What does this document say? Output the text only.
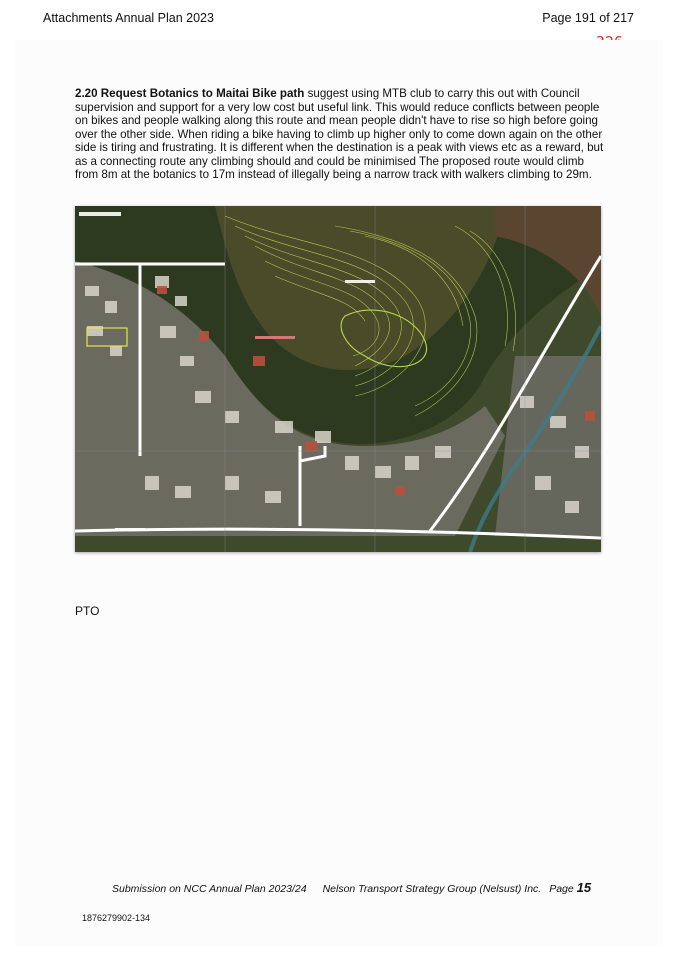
Attachments Annual Plan 2023	Page 191 of 217

2.20 Request Botanics to Maitai Bike path suggest using MTB club to carry this out with Council supervision and support for a very low cost but useful link. This would reduce conflicts between people on bikes and people walking along this route and mean people didn't have to rise so high before going over the other side. When riding a bike having to climb up higher only to come down again on the other side is tiring and frustrating. It is different when the destination is a peak with views etc as a reward, but as a connecting route any climbing should and could be minimised The proposed route would climb from 8m at the botanics to 17m instead of illegally being a narrow track with walkers climbing to 29m.

PTO
Submission on NCC Annual Plan 2023/24 Nelson Transport Strategy Group (Nelsust) Inc. Page 15
1876279902-134
